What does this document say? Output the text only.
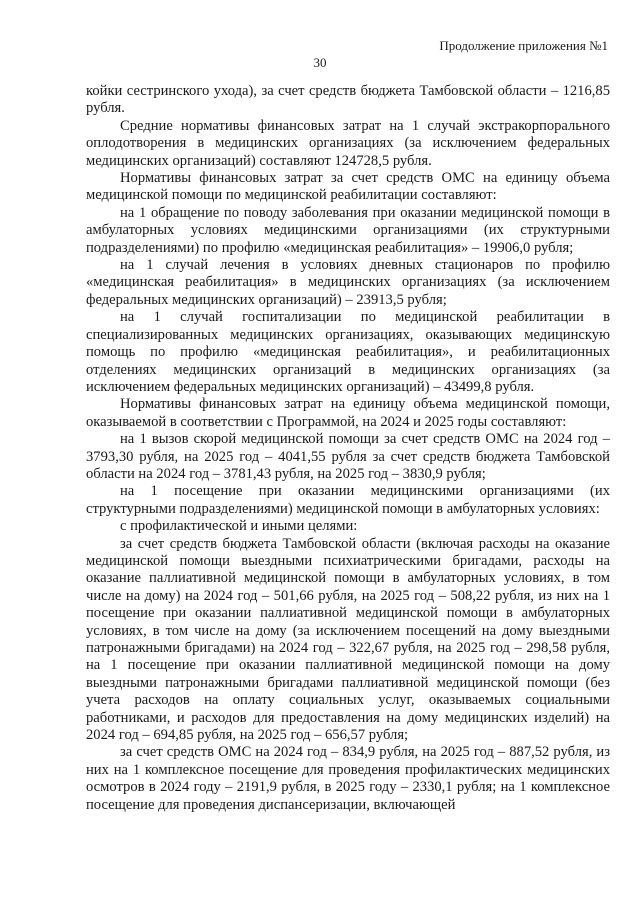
Продолжение приложения №1
30

койки сестринского ухода), за счет средств бюджета Тамбовской области – 1216,85 рубля.

Средние нормативы финансовых затрат на 1 случай экстракорпорального оплодотворения в медицинских организациях (за исключением федеральных медицинских организаций) составляют 124728,5 рубля.

Нормативы финансовых затрат за счет средств ОМС на единицу объема медицинской помощи по медицинской реабилитации составляют:

на 1 обращение по поводу заболевания при оказании медицинской помощи в амбулаторных условиях медицинскими организациями (их структурными подразделениями) по профилю «медицинская реабилитация» – 19906,0 рубля;

на 1 случай лечения в условиях дневных стационаров по профилю «медицинская реабилитация» в медицинских организациях (за исключением федеральных медицинских организаций) – 23913,5 рубля;

на 1 случай госпитализации по медицинской реабилитации в специализированных медицинских организациях, оказывающих медицинскую помощь по профилю «медицинская реабилитация», и реабилитационных отделениях медицинских организаций в медицинских организациях (за исключением федеральных медицинских организаций) – 43499,8 рубля.

Нормативы финансовых затрат на единицу объема медицинской помощи, оказываемой в соответствии с Программой, на 2024 и 2025 годы составляют:

на 1 вызов скорой медицинской помощи за счет средств ОМС на 2024 год – 3793,30 рубля, на 2025 год – 4041,55 рубля за счет средств бюджета Тамбовской области на 2024 год – 3781,43 рубля, на 2025 год – 3830,9 рубля;

на 1 посещение при оказании медицинскими организациями (их структурными подразделениями) медицинской помощи в амбулаторных условиях:

с профилактической и иными целями:

за счет средств бюджета Тамбовской области (включая расходы на оказание медицинской помощи выездными психиатрическими бригадами, расходы на оказание паллиативной медицинской помощи в амбулаторных условиях, в том числе на дому) на 2024 год – 501,66 рубля, на 2025 год – 508,22 рубля, из них на 1 посещение при оказании паллиативной медицинской помощи в амбулаторных условиях, в том числе на дому (за исключением посещений на дому выездными патронажными бригадами) на 2024 год – 322,67 рубля, на 2025 год – 298,58 рубля, на 1 посещение при оказании паллиативной медицинской помощи на дому выездными патронажными бригадами паллиативной медицинской помощи (без учета расходов на оплату социальных услуг, оказываемых социальными работниками, и расходов для предоставления на дому медицинских изделий) на 2024 год – 694,85 рубля, на 2025 год – 656,57 рубля;

за счет средств ОМС на 2024 год – 834,9 рубля, на 2025 год – 887,52 рубля, из них на 1 комплексное посещение для проведения профилактических медицинских осмотров в 2024 году – 2191,9 рубля, в 2025 году – 2330,1 рубля; на 1 комплексное посещение для проведения диспансеризации, включающей
